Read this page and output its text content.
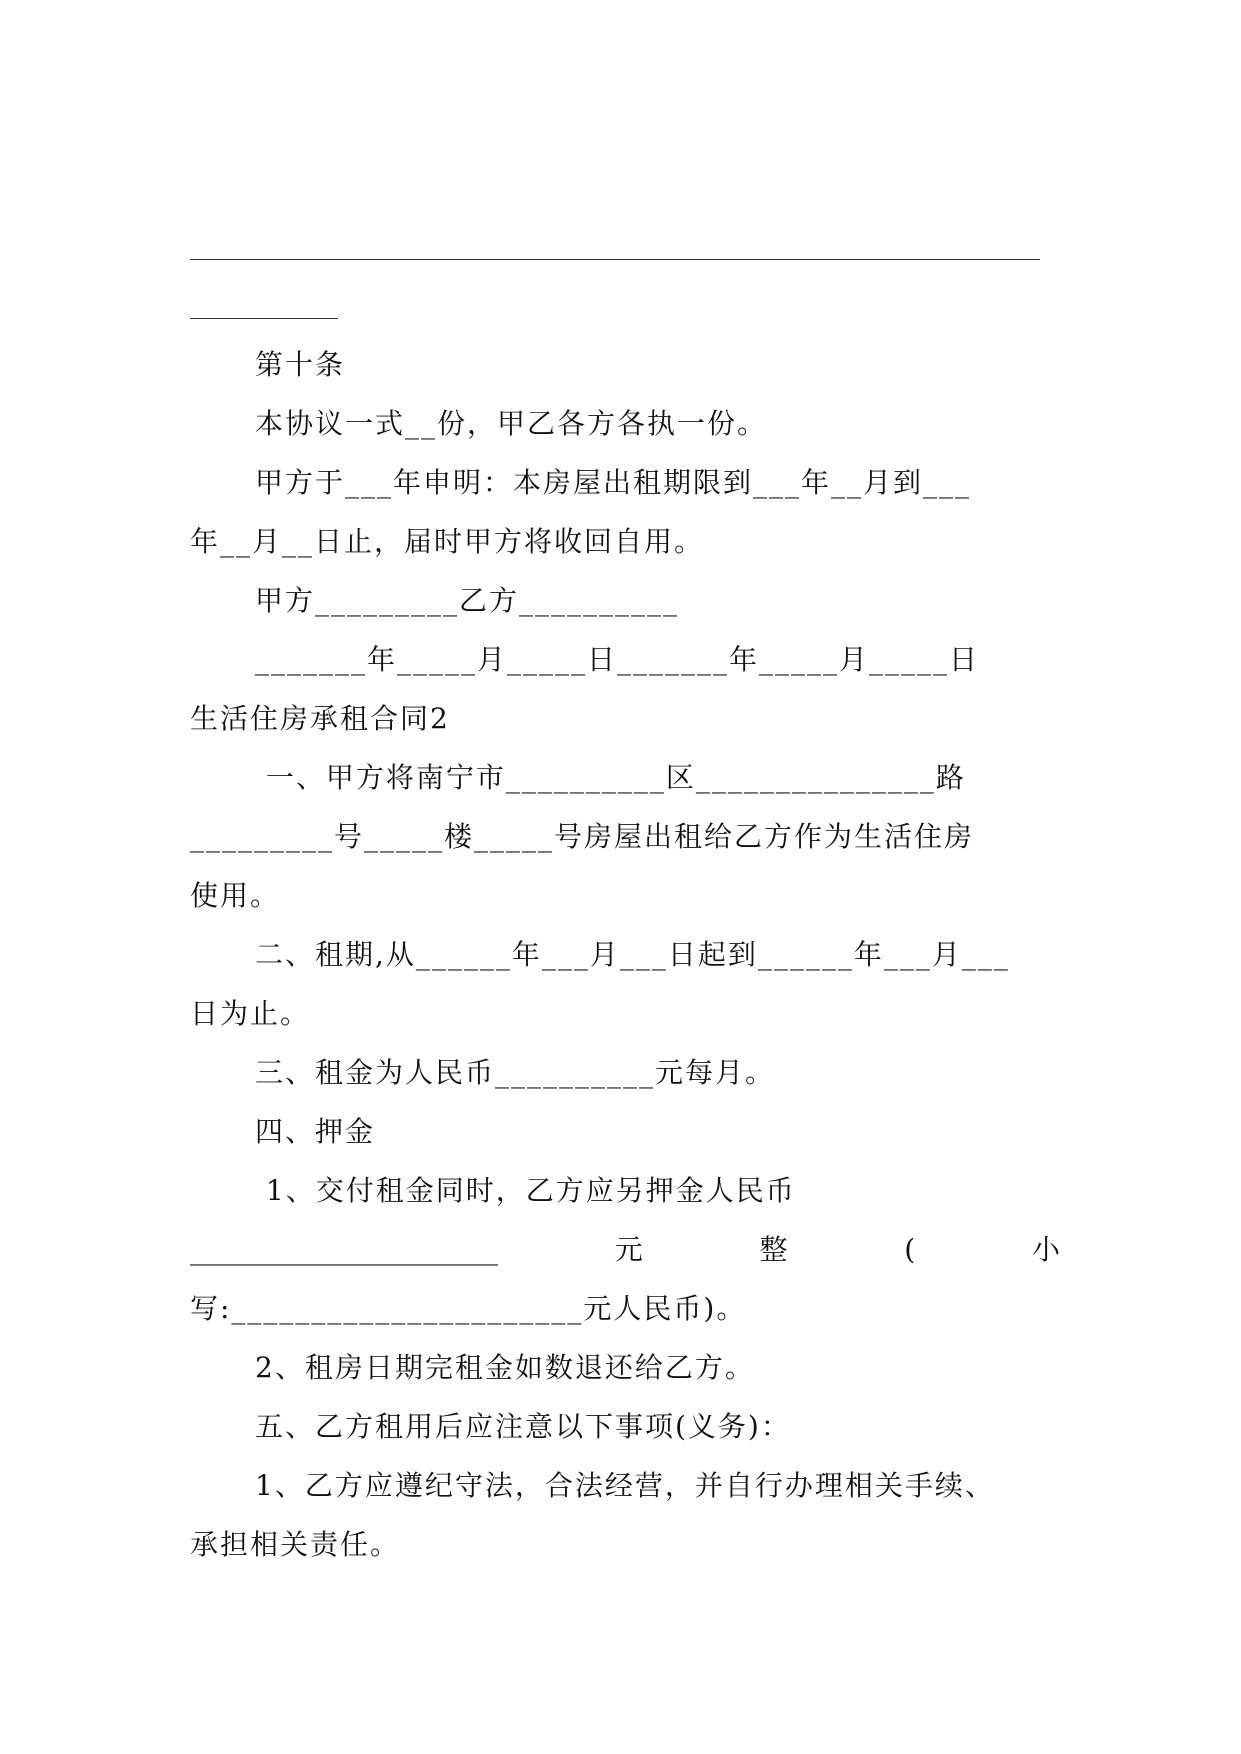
第十条
本协议一式__份，甲乙各方各执一份。
甲方于___年申明：本房屋出租期限到___年__月到___
年__月__日止，届时甲方将收回自用。
甲方_________乙方__________
_______年_____月_____日_______年_____月_____日
生活住房承租合同2
一、甲方将南宁市__________区_______________路
_________号_____楼_____号房屋出租给乙方作为生活住房
使用。
二、租期,从______年___月___日起到______年___月___
日为止。
三、租金为人民币__________元每月。
四、押金
1、交付租金同时，乙方应另押金人民币
______________________	元	整	(	小
写:______________________元人民币)。
2、租房日期完租金如数退还给乙方。
五、乙方租用后应注意以下事项(义务)：
1、乙方应遵纪守法，合法经营，并自行办理相关手续、
承担相关责任。
